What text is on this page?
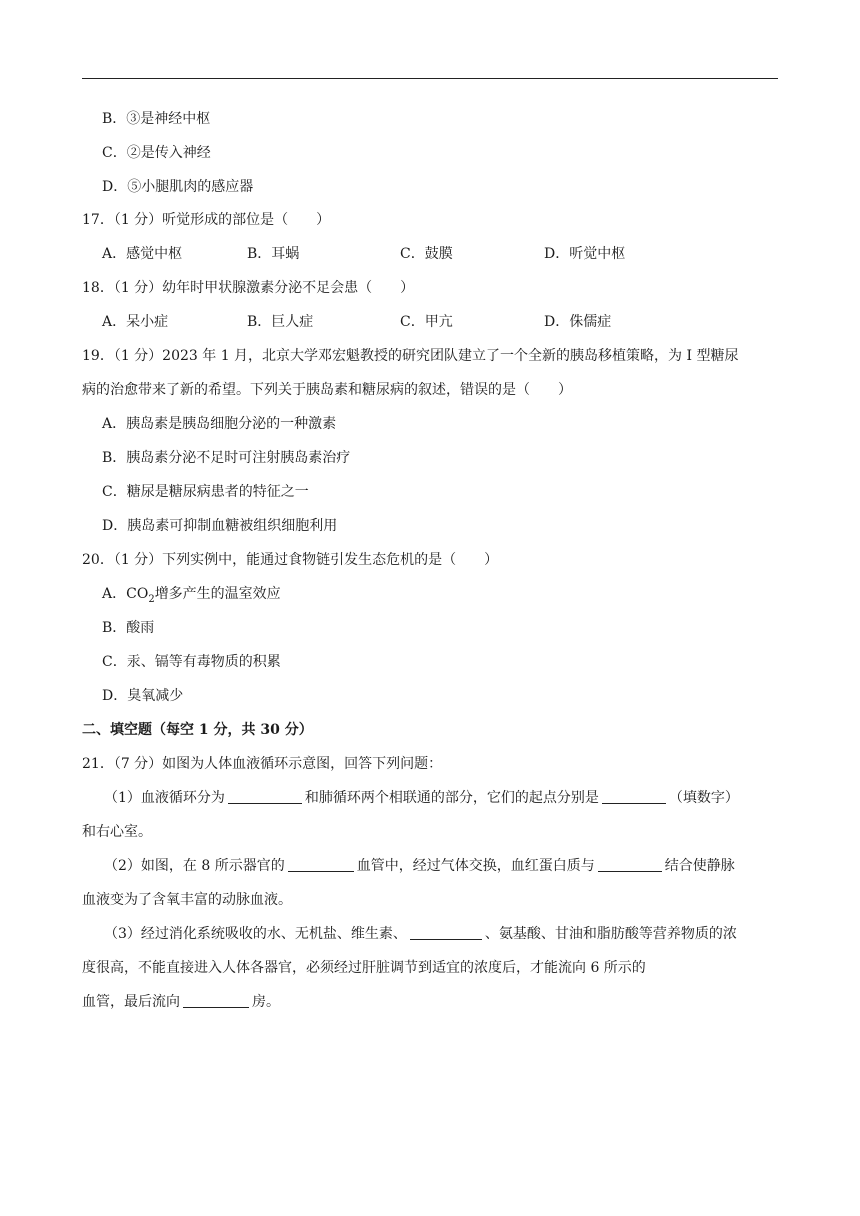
B．③是神经中枢
C．②是传入神经
D．⑤小腿肌肉的感应器
17．（1 分）听觉形成的部位是（　　）
A．感觉中枢	B．耳蜗	C．鼓膜	D．听觉中枢
18．（1 分）幼年时甲状腺激素分泌不足会患（　　）
A．呆小症	B．巨人症	C．甲亢	D．侏儒症
19．（1 分）2023 年 1 月，北京大学邓宏魁教授的研究团队建立了一个全新的胰岛移植策略，为 I 型糖尿
病的治愈带来了新的希望。下列关于胰岛素和糖尿病的叙述，错误的是（　　）
A．胰岛素是胰岛细胞分泌的一种激素
B．胰岛素分泌不足时可注射胰岛素治疗
C．糖尿是糖尿病患者的特征之一
D．胰岛素可抑制血糖被组织细胞利用
20．（1 分）下列实例中，能通过食物链引发生态危机的是（　　）
A．$CO_2$增多产生的温室效应
B．酸雨
C．汞、镉等有毒物质的积累
D．臭氧减少
二、填空题（每空 1 分，共 30 分）
21．（7 分）如图为人体血液循环示意图，回答下列问题：
（1）血液循环分为	和肺循环两个相联通的部分，它们的起点分别是	（填数字）
和右心室。
（2）如图，在 8 所示器官的	血管中，经过气体交换，血红蛋白质与	结合使静脉
血液变为了含氧丰富的动脉血液。
（3）经过消化系统吸收的水、无机盐、维生素、	、氨基酸、甘油和脂肪酸等营养物质的浓
度很高，不能直接进入人体各器官，必须经过肝脏调节到适宜的浓度后，才能流向 6 所示的
血管，最后流向	房。
